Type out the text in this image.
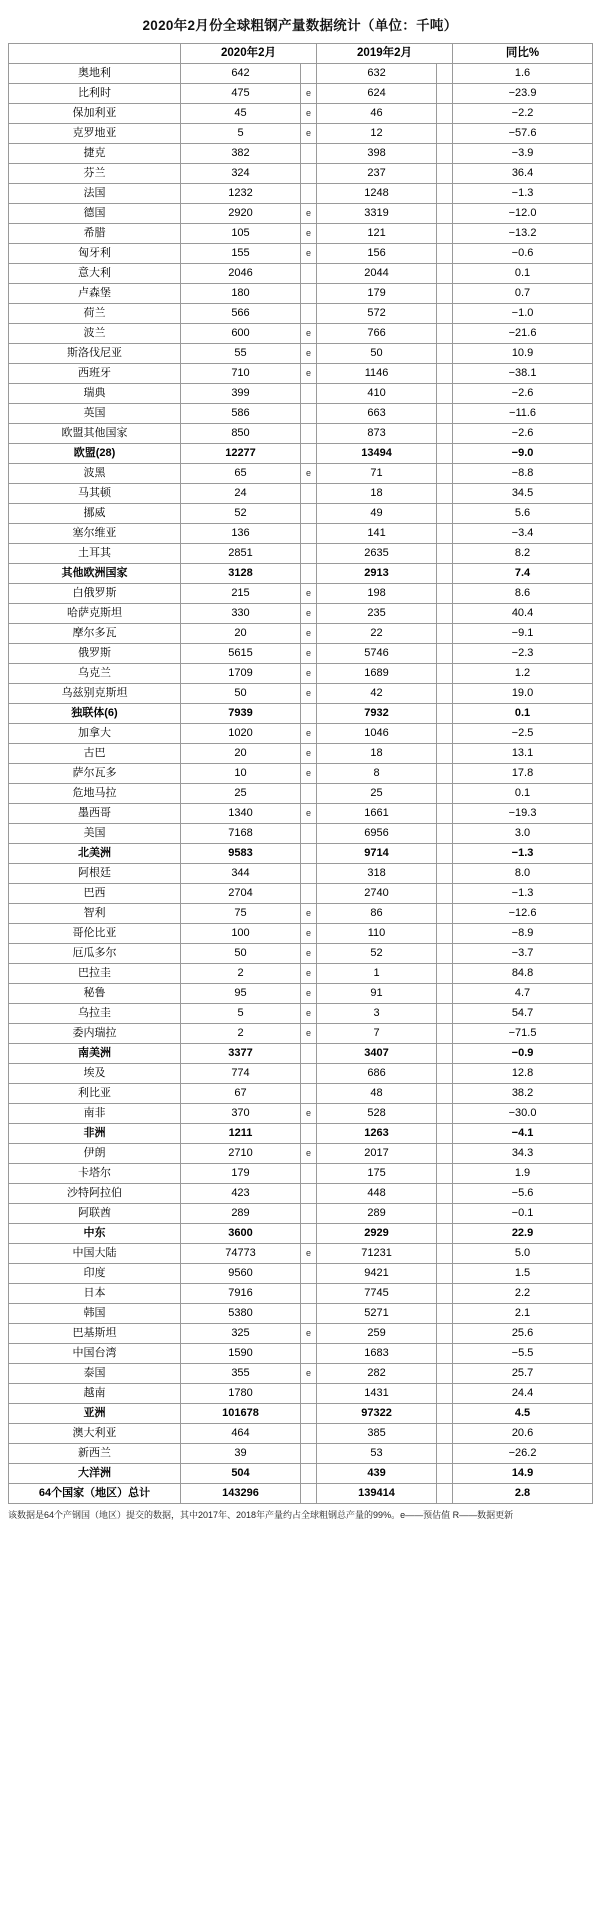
2020年2月份全球粗钢产量数据统计（单位：千吨）
	2020年2月		2019年2月		同比%
奥地利	642		632		1.6
比利时	475	e	624		−23.9
保加利亚	45	e	46		−2.2
克罗地亚	5	e	12		−57.6
捷克	382		398		−3.9
芬兰	324		237		36.4
法国	1232		1248		−1.3
德国	2920	e	3319		−12.0
希腊	105	e	121		−13.2
匈牙利	155	e	156		−0.6
意大利	2046		2044		0.1
卢森堡	180		179		0.7
荷兰	566		572		−1.0
波兰	600	e	766		−21.6
斯洛伐尼亚	55	e	50		10.9
西班牙	710	e	1146		−38.1
瑞典	399		410		−2.6
英国	586		663		−11.6
欧盟其他国家	850		873		−2.6
欧盟(28)	12277		13494		−9.0
波黑	65	e	71		−8.8
马其顿	24		18		34.5
挪威	52		49		5.6
塞尔维亚	136		141		−3.4
土耳其	2851		2635		8.2
其他欧洲国家	3128		2913		7.4
白俄罗斯	215	e	198		8.6
哈萨克斯坦	330	e	235		40.4
摩尔多瓦	20	e	22		−9.1
俄罗斯	5615	e	5746		−2.3
乌克兰	1709	e	1689		1.2
乌兹别克斯坦	50	e	42		19.0
独联体(6)	7939		7932		0.1
加拿大	1020	e	1046		−2.5
古巴	20	e	18		13.1
萨尔瓦多	10	e	8		17.8
危地马拉	25		25		0.1
墨西哥	1340	e	1661		−19.3
美国	7168		6956		3.0
北美洲	9583		9714		−1.3
阿根廷	344		318		8.0
巴西	2704		2740		−1.3
智利	75	e	86		−12.6
哥伦比亚	100	e	110		−8.9
厄瓜多尔	50	e	52		−3.7
巴拉圭	2	e	1		84.8
秘鲁	95	e	91		4.7
乌拉圭	5	e	3		54.7
委内瑞拉	2	e	7		−71.5
南美洲	3377		3407		−0.9
埃及	774		686		12.8
利比亚	67		48		38.2
南非	370	e	528		−30.0
非洲	1211		1263		−4.1
伊朗	2710	e	2017		34.3
卡塔尔	179		175		1.9
沙特阿拉伯	423		448		−5.6
阿联酋	289		289		−0.1
中东	3600		2929		22.9
中国大陆	74773	e	71231		5.0
印度	9560		9421		1.5
日本	7916		7745		2.2
韩国	5380		5271		2.1
巴基斯坦	325	e	259		25.6
中国台湾	1590		1683		−5.5
泰国	355	e	282		25.7
越南	1780		1431		24.4
亚洲	101678		97322		4.5
澳大利亚	464		385		20.6
新西兰	39		53		−26.2
大洋洲	504		439		14.9
64个国家（地区）总计	143296		139414		2.8
该数据是64个产钢国（地区）提交的数据，其中2017年、2018年产量约占全球粗钢总产量的99%。e——预估值 R——数据更新
